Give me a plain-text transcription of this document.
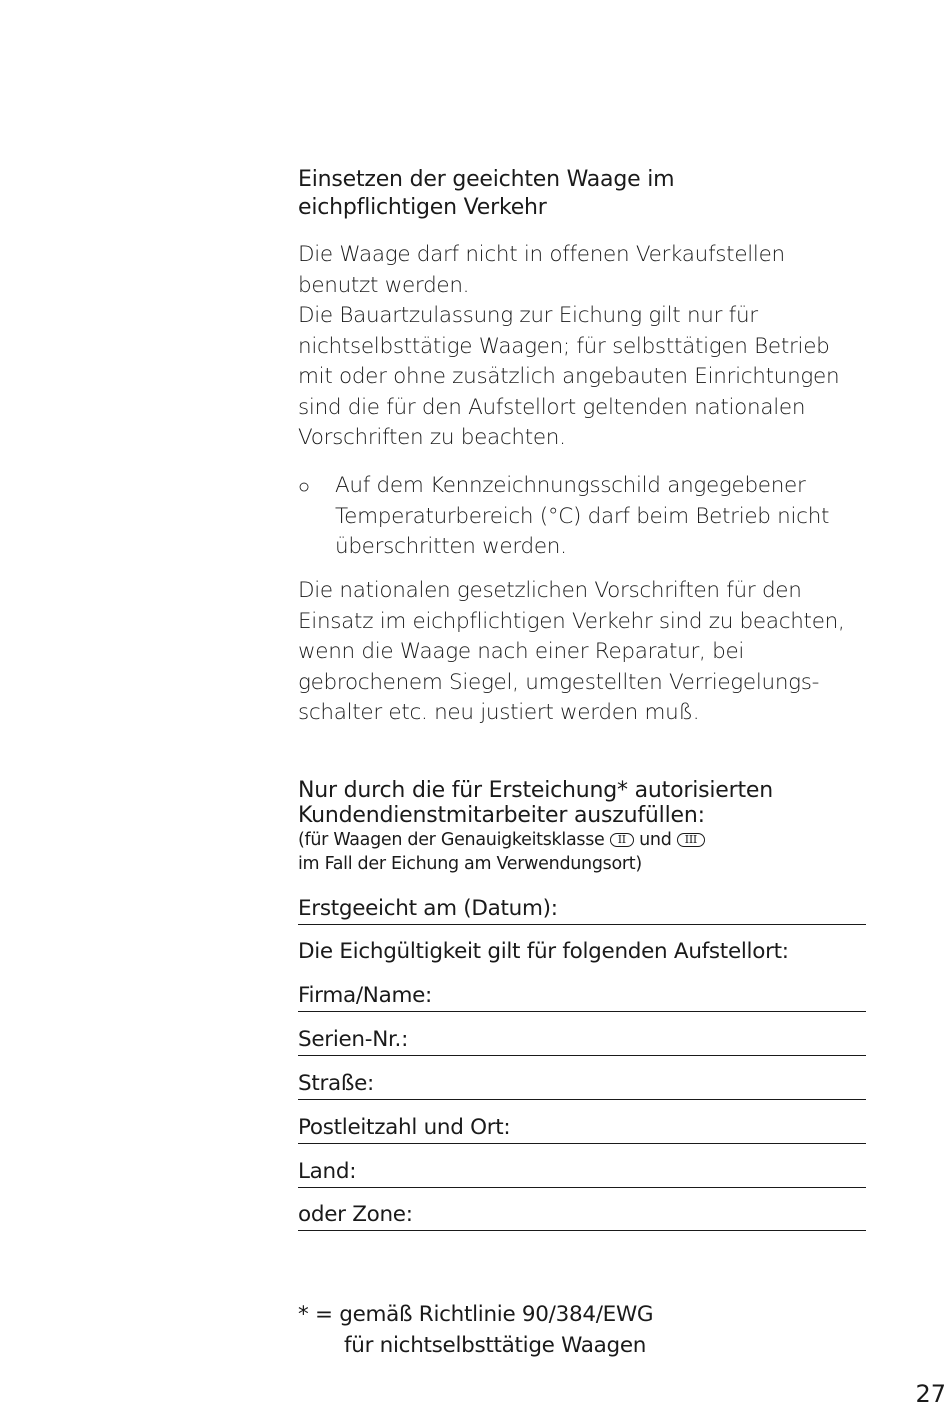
Einsetzen der geeichten Waage im
eichpflichtigen Verkehr

Die Waage darf nicht in offenen Verkaufstellen benutzt werden.

Die Bauartzulassung zur Eichung gilt nur für nichtselbsttätige Waagen; für selbsttätigen Betrieb mit oder ohne zusätzlich angebauten Einrichtungen sind die für den Aufstellort geltenden nationalen Vorschriften zu beachten.

○	Auf dem Kennzeichnungsschild angegebener Temperaturbereich (°C) darf beim Betrieb nicht überschritten werden.

Die nationalen gesetzlichen Vorschriften für den Einsatz im eichpflichtigen Verkehr sind zu beachten, wenn die Waage nach einer Reparatur, bei gebrochenem Siegel, umgestellten Verriegelungs-schalter etc. neu justiert werden muß.

Nur durch die für Ersteichung* autorisierten
Kundendienstmitarbeiter auszufüllen:

(für Waagen der Genauigkeitsklasse II und III
im Fall der Eichung am Verwendungsort)

Erstgeeicht am (Datum):
Die Eichgültigkeit gilt für folgenden Aufstellort:
Firma/Name:
Serien-Nr.:
Straße:
Postleitzahl und Ort:
Land:
oder Zone:
* = gemäß Richtlinie 90/384/EWG
für nichtselbsttätige Waagen
27
